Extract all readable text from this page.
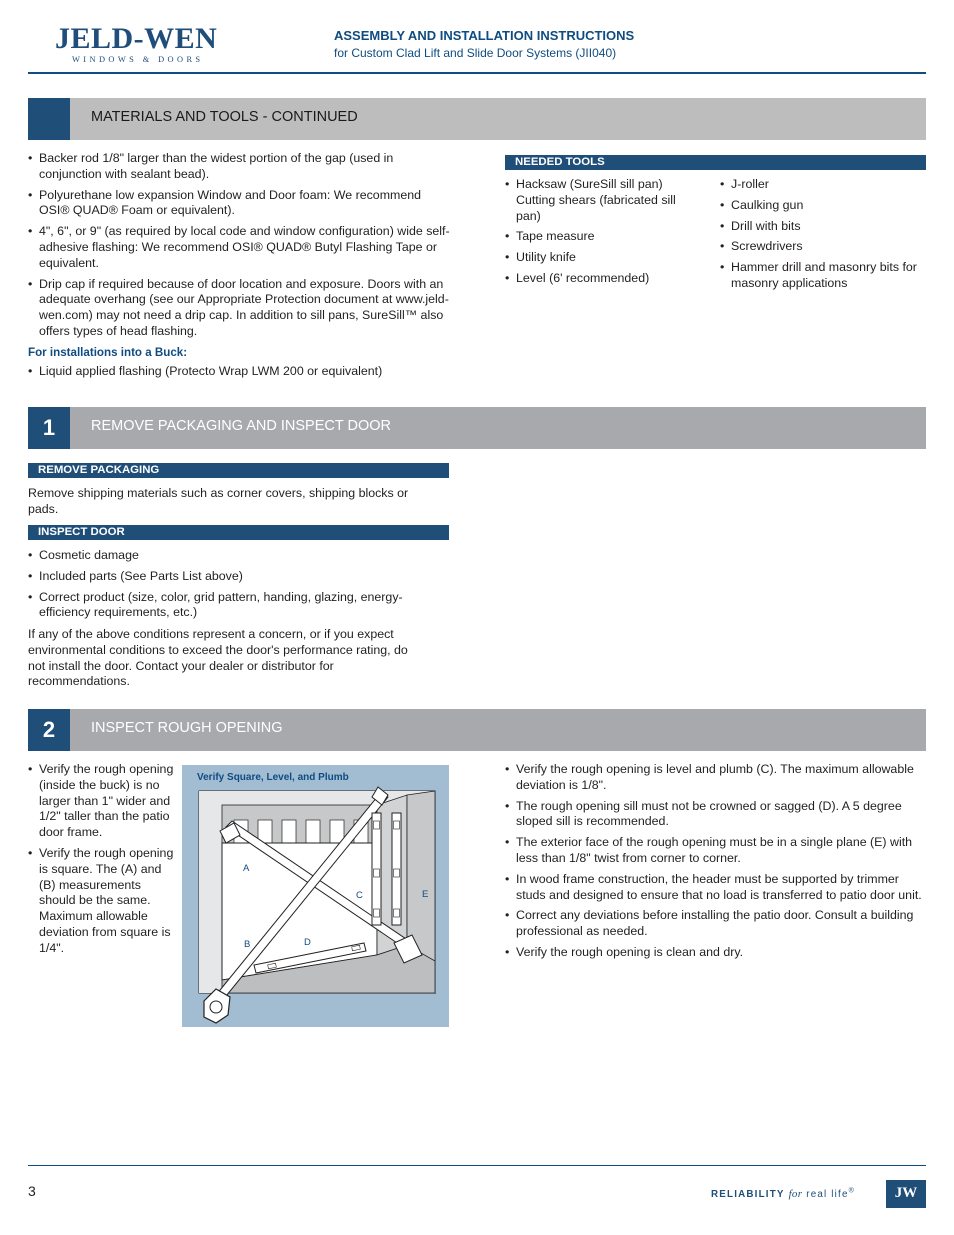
JELD-WEN
WINDOWS & DOORS
ASSEMBLY AND INSTALLATION INSTRUCTIONS
for Custom Clad Lift and Slide Door Systems (JII040)
MATERIALS AND TOOLS - CONTINUED
• Backer rod 1/8" larger than the widest portion of the gap (used in conjunction with sealant bead).
• Polyurethane low expansion Window and Door foam: We recommend OSI® QUAD® Foam or equivalent).
• 4", 6", or 9" (as required by local code and window configuration) wide self-adhesive flashing: We recommend OSI® QUAD® Butyl Flashing Tape or equivalent.
• Drip cap if required because of door location and exposure. Doors with an adequate overhang (see our Appropriate Protection document at www.jeld-wen.com) may not need a drip cap. In addition to sill pans, SureSill™ also offers types of head flashing.
For installations into a Buck:
• Liquid applied flashing (Protecto Wrap LWM 200 or equivalent)
NEEDED TOOLS
• Hacksaw (SureSill sill pan) Cutting shears (fabricated sill pan)
• Tape measure
• Utility knife
• Level (6' recommended)
• J-roller
• Caulking gun
• Drill with bits
• Screwdrivers
• Hammer drill and masonry bits for masonry applications
1	REMOVE PACKAGING AND INSPECT DOOR
REMOVE PACKAGING
Remove shipping materials such as corner covers, shipping blocks or pads.
INSPECT DOOR
• Cosmetic damage
• Included parts (See Parts List above)
• Correct product (size, color, grid pattern, handing, glazing, energy-efficiency requirements, etc.)
If any of the above conditions represent a concern, or if you expect environmental conditions to exceed the door's performance rating, do not install the door. Contact your dealer or distributor for recommendations.
2	INSPECT ROUGH OPENING
• Verify the rough opening (inside the buck) is no larger than 1" wider and 1/2" taller than the patio door frame.
• Verify the rough opening is square. The (A) and (B) measurements should be the same. Maximum allowable deviation from square is 1/4".
Verify Square, Level, and Plumb
A
B
C
D
E
• Verify the rough opening is level and plumb (C). The maximum allowable deviation is 1/8".
• The rough opening sill must not be crowned or sagged (D). A 5 degree sloped sill is recommended.
• The exterior face of the rough opening must be in a single plane (E) with less than 1/8" twist from corner to corner.
• In wood frame construction, the header must be supported by trimmer studs and designed to ensure that no load is transferred to patio door unit.
• Correct any deviations before installing the patio door. Consult a building professional as needed.
• Verify the rough opening is clean and dry.
3	RELIABILITY for real life®	JW
